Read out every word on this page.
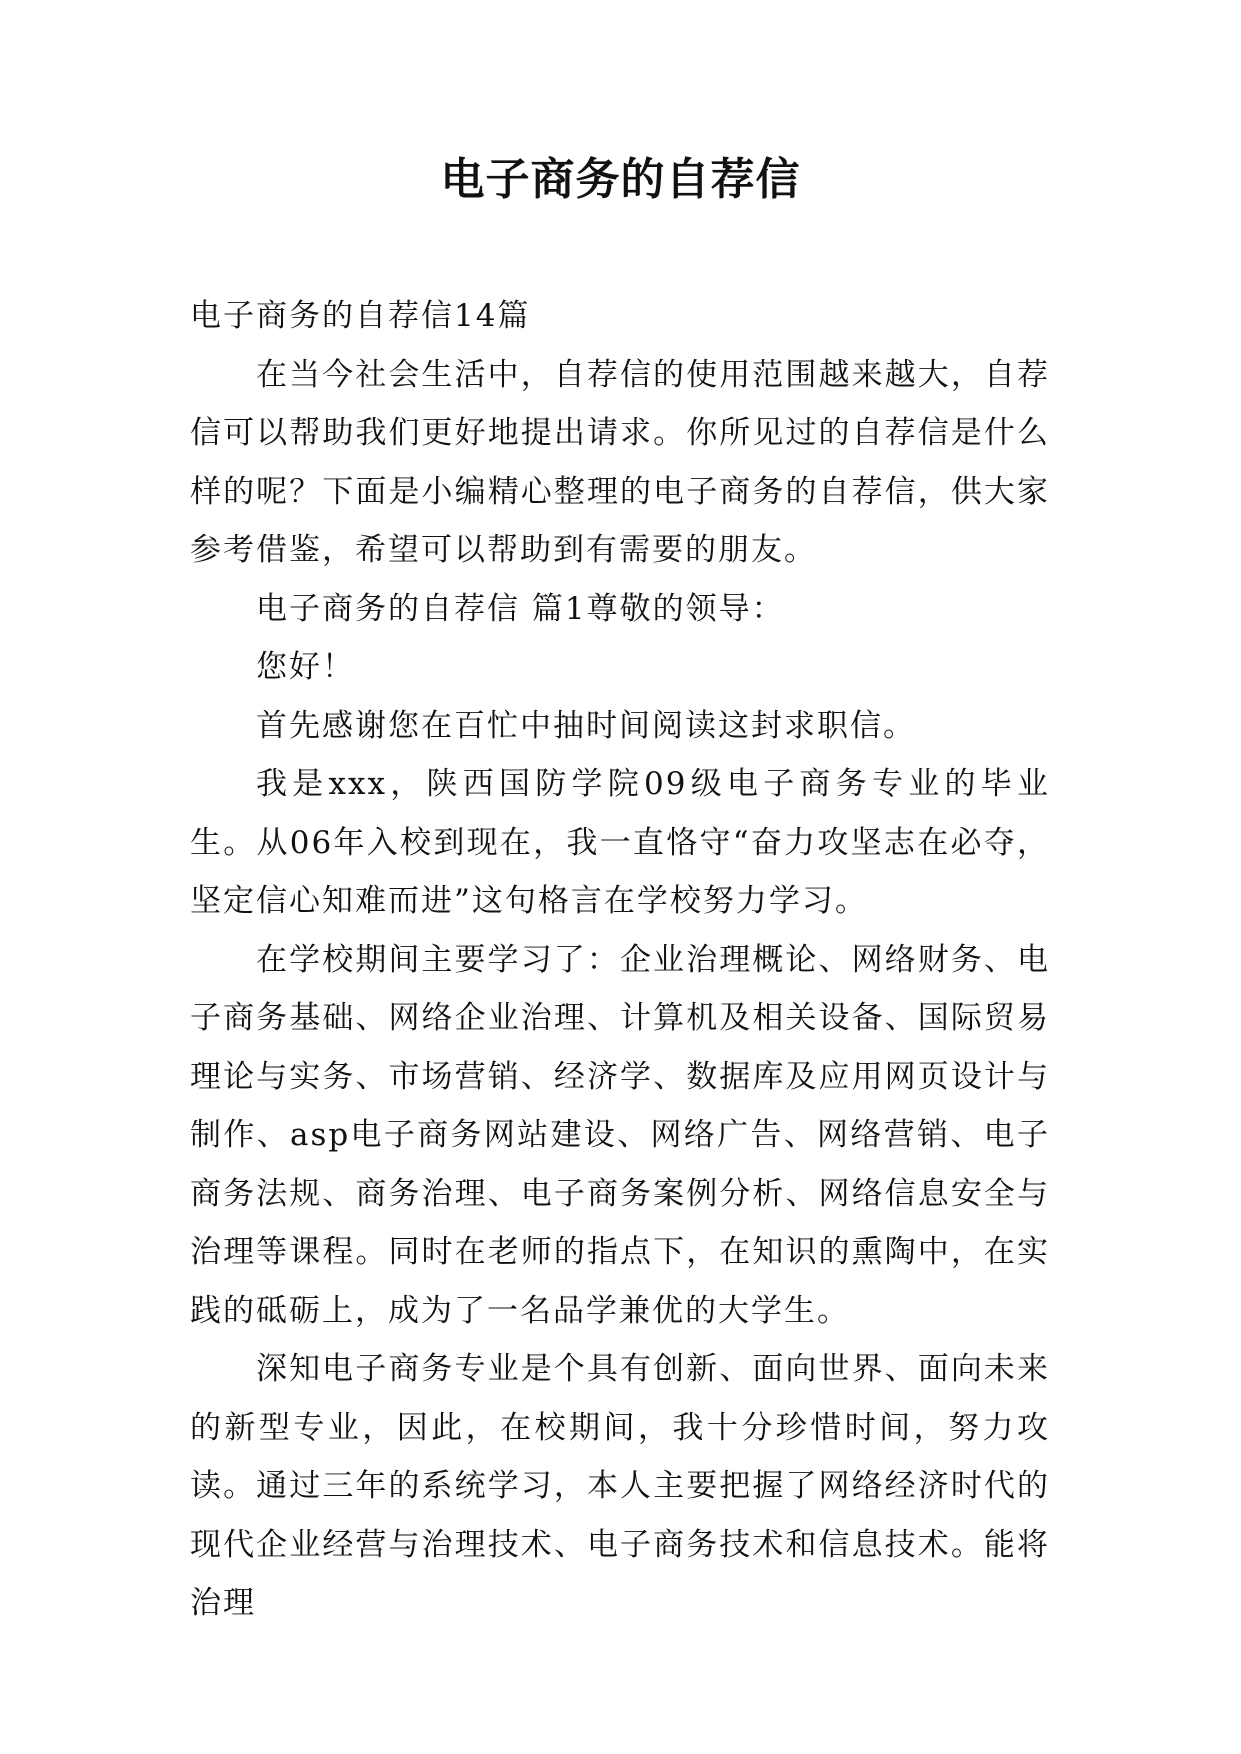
电子商务的自荐信

电子商务的自荐信14篇

在当今社会生活中，自荐信的使用范围越来越大，自荐信可以帮助我们更好地提出请求。你所见过的自荐信是什么样的呢？下面是小编精心整理的电子商务的自荐信，供大家参考借鉴，希望可以帮助到有需要的朋友。

电子商务的自荐信 篇1尊敬的领导：

您好！

首先感谢您在百忙中抽时间阅读这封求职信。

我是xxx，陕西国防学院09级电子商务专业的毕业生。从06年入校到现在，我一直恪守“奋力攻坚志在必夺，坚定信心知难而进”这句格言在学校努力学习。

在学校期间主要学习了：企业治理概论、网络财务、电子商务基础、网络企业治理、计算机及相关设备、国际贸易理论与实务、市场营销、经济学、数据库及应用网页设计与制作、asp电子商务网站建设、网络广告、网络营销、电子商务法规、商务治理、电子商务案例分析、网络信息安全与治理等课程。同时在老师的指点下，在知识的熏陶中，在实践的砥砺上，成为了一名品学兼优的大学生。

深知电子商务专业是个具有创新、面向世界、面向未来的新型专业，因此，在校期间，我十分珍惜时间，努力攻读。通过三年的系统学习，本人主要把握了网络经济时代的现代企业经营与治理技术、电子商务技术和信息技术。能将治理
